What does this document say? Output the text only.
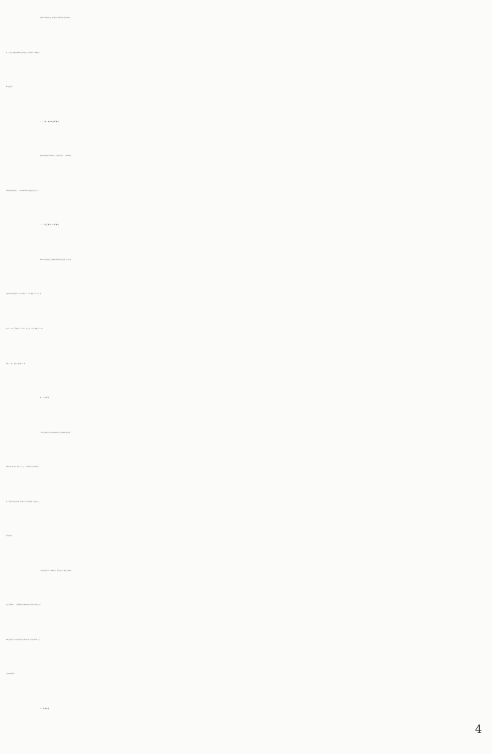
从本次检查的情况看，我市建设工程勘察设计质量总体较
好，无违反工程建设强制性条文的情况，但仍然存在工程建设标
准方面问题。
（二）施工图审查质量情况
审查机构审查把关基本到位，但也存在问题：一是漏审规范
标准的问题仍然存在，二是个别审查机构对复审意见把关不严。
（三）违反强条、标准情况
本次检查未发现违反工程建设强制性条文的问题。但查出违
反规范标准方面问题 53 条（勘察专业 4 条、建筑专业 3 条、结
构专业 13 条、给排水专业 12 条、电气专业 7 条、暖通专业 3 条、
道路 11 条)，其他方面问题 57 条。
四、下步要求
1.各受检勘察设计企业及图审机构应针对本次检查发现的
问题认真自查自纠。同时，举一反三，加强单位内部质量监管工
作，全面落实质量责任制，加强技术人员法制教育，强化技术人
员法律意识。
2.各勘察设计企业与图审机构，要严格执行《建设工程勘察
设计管理条例》、《房屋建筑和市政基础设施工程施工图设计文件
审查管理办法》等法律法规及现行规范标准，切实保证勘察、设
计及图审的质量。
五、处理结果
4
